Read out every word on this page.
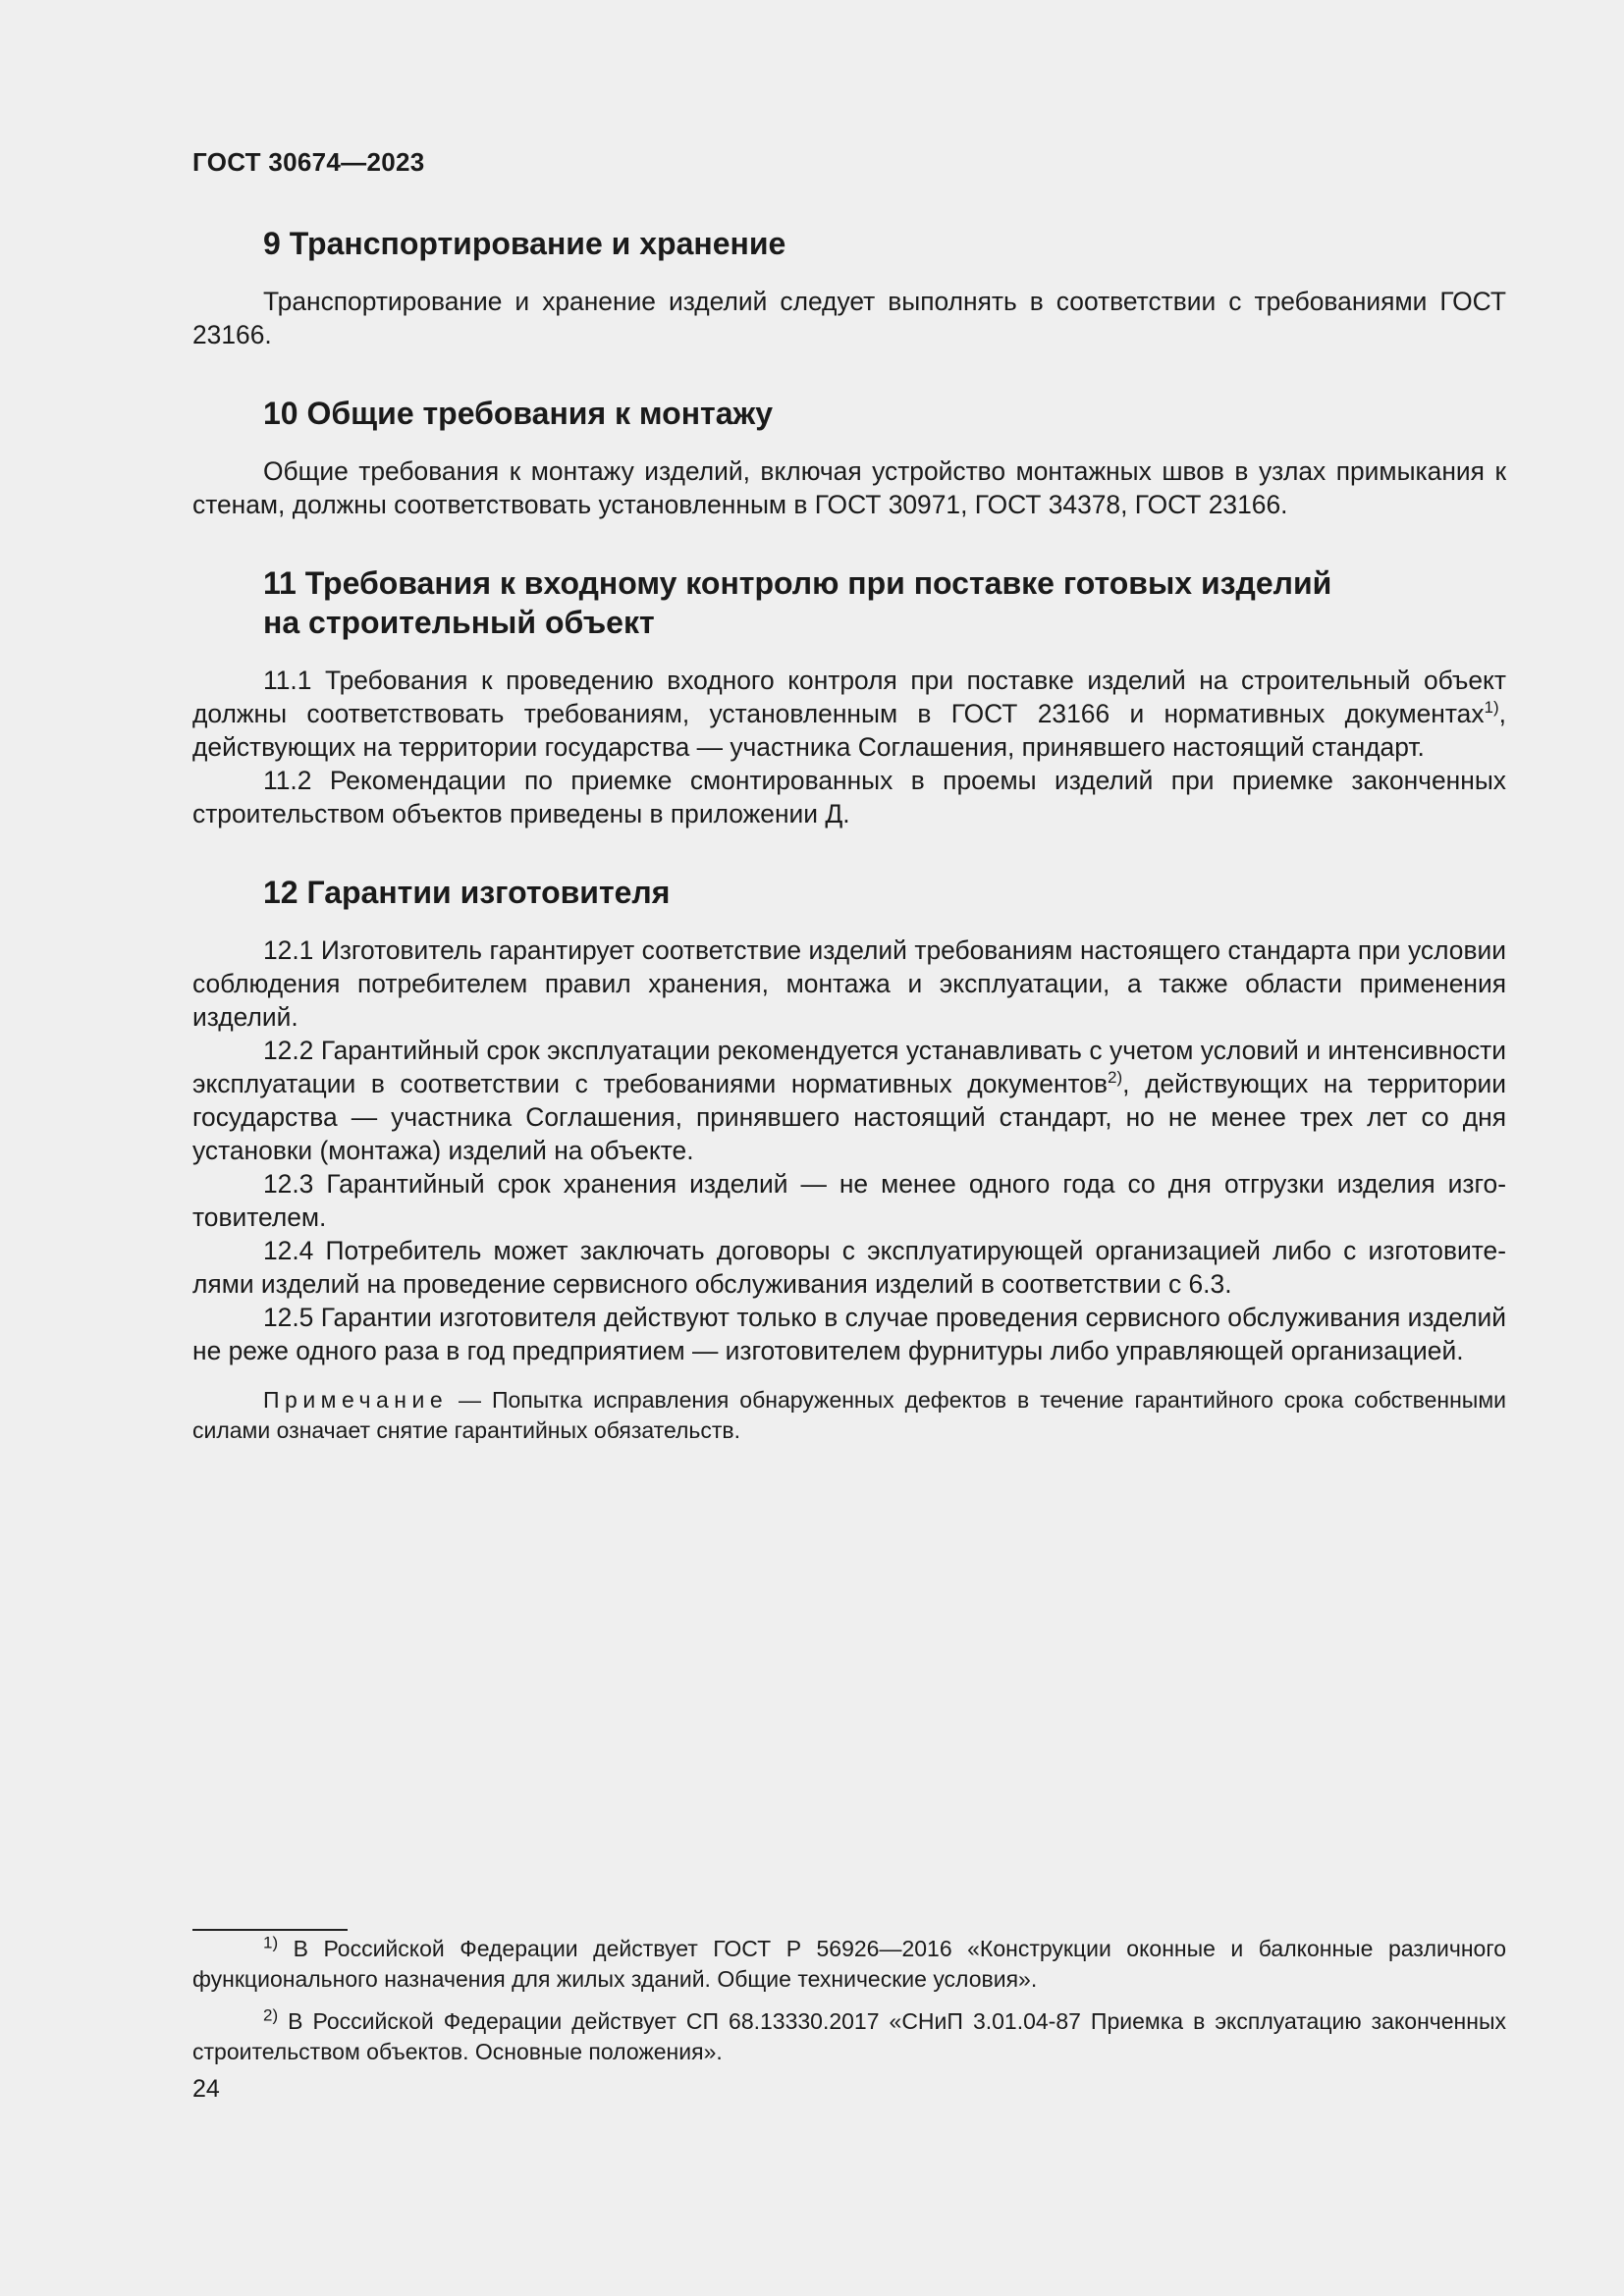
ГОСТ 30674—2023
9 Транспортирование и хранение

Транспортирование и хранение изделий следует выполнять в соответствии с требованиями ГОСТ 23166.

10 Общие требования к монтажу

Общие требования к монтажу изделий, включая устройство монтажных швов в узлах примыкания к стенам, должны соответствовать установленным в ГОСТ 30971, ГОСТ 34378, ГОСТ 23166.

11 Требования к входному контролю при поставке готовых изделий
на строительный объект

11.1 Требования к проведению входного контроля при поставке изделий на строительный объект должны соответствовать требованиям, установленным в ГОСТ 23166 и нормативных документах$^{1)}$, действующих на территории государства — участника Соглашения, принявшего настоящий стандарт.

11.2 Рекомендации по приемке смонтированных в проемы изделий при приемке законченных строительством объектов приведены в приложении Д.

12 Гарантии изготовителя

12.1 Изготовитель гарантирует соответствие изделий требованиям настоящего стандарта при условии соблюдения потребителем правил хранения, монтажа и эксплуатации, а также области применения изделий.

12.2 Гарантийный срок эксплуатации рекомендуется устанавливать с учетом условий и интенсивности эксплуатации в соответствии с требованиями нормативных документов$^{2)}$, действующих на территории государства — участника Соглашения, принявшего настоящий стандарт, но не менее трех лет со дня установки (монтажа) изделий на объекте.

12.3 Гарантийный срок хранения изделий — не менее одного года со дня отгрузки изделия изготовителем.

12.4 Потребитель может заключать договоры с эксплуатирующей организацией либо с изготовителями изделий на проведение сервисного обслуживания изделий в соответствии с 6.3.

12.5 Гарантии изготовителя действуют только в случае проведения сервисного обслуживания изделий не реже одного раза в год предприятием — изготовителем фурнитуры либо управляющей организацией.

Примечание — Попытка исправления обнаруженных дефектов в течение гарантийного срока собственными силами означает снятие гарантийных обязательств.

$^{1)}$ В Российской Федерации действует ГОСТ Р 56926—2016 «Конструкции оконные и балконные различного функционального назначения для жилых зданий. Общие технические условия».

$^{2)}$ В Российской Федерации действует СП 68.13330.2017 «СНиП 3.01.04-87 Приемка в эксплуатацию законченных строительством объектов. Основные положения».

24
